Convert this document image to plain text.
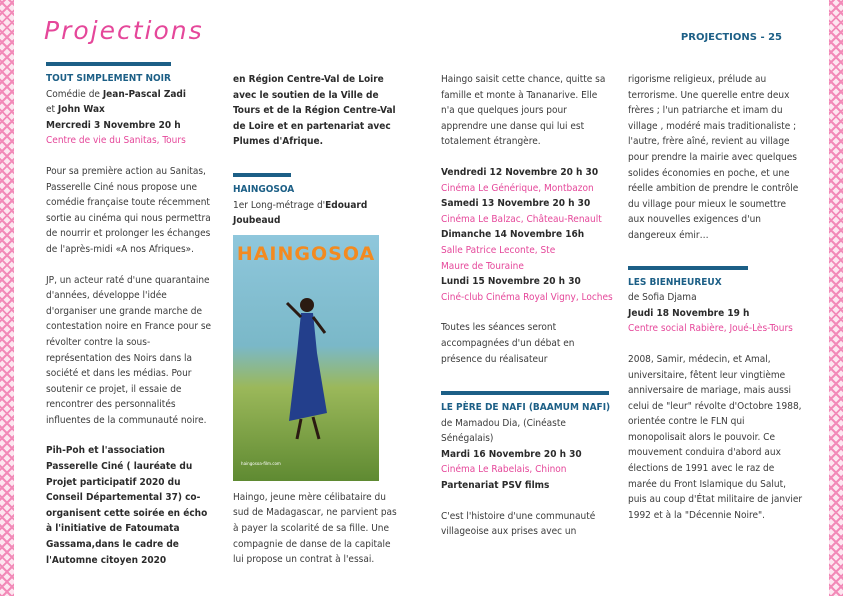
Projections	PROJECTIONS - 25

TOUT SIMPLEMENT NOIR

Comédie de Jean-Pascal Zadi

et John Wax

Mercredi 3 Novembre 20 h

Centre de vie du Sanitas, Tours

Pour sa première action au Sanitas, Passerelle Ciné nous propose une comédie française toute récemment sortie au cinéma qui nous permettra de nourrir et prolonger les échanges de l'après-midi «A nos Afriques».

JP, un acteur raté d'une quarantaine d'années, développe l'idée d'organiser une grande marche de contestation noire en France pour se révolter contre la sous-représentation des Noirs dans la société et dans les médias. Pour soutenir ce projet, il essaie de rencontrer des personnalités influentes de la communauté noire.

Pih-Poh et l'association Passerelle Ciné ( lauréate du Projet participatif 2020 du Conseil Départemental 37) co-organisent cette soirée en écho à l'initiative de Fatoumata Gassama,dans le cadre de l'Automne citoyen 2020

en Région Centre-Val de Loire avec le soutien de la Ville de Tours et de la Région Centre-Val de Loire et en partenariat avec Plumes d'Afrique.

HAINGOSOA

1er Long-métrage d'Edouard Joubeaud

HAINGOSOA
haingosoa-film.com

Haingo, jeune mère célibataire du sud de Madagascar, ne parvient pas à payer la scolarité de sa fille. Une compagnie de danse de la capitale lui propose un contrat à l'essai.

Haingo saisit cette chance, quitte sa famille et monte à Tananarive. Elle n'a que quelques jours pour apprendre une danse qui lui est totalement étrangère.

Vendredi 12 Novembre 20 h 30

Cinéma Le Générique, Montbazon

Samedi 13 Novembre 20 h 30

Cinéma Le Balzac, Château-Renault

Dimanche 14 Novembre 16h

Salle Patrice Leconte, Ste Maure de Touraine

Lundi 15 Novembre 20 h 30

Ciné-club Cinéma Royal Vigny, Loches

Toutes les séances seront accompagnées d'un débat en présence du réalisateur

LE PÈRE DE NAFI (BAAMUM NAFI)

de Mamadou Dia, (Cinéaste Sénégalais)

Mardi 16 Novembre 20 h 30

Cinéma Le Rabelais, Chinon

Partenariat PSV films

C'est l'histoire d'une communauté villageoise aux prises avec un

rigorisme religieux, prélude au terrorisme. Une querelle entre deux frères ; l'un patriarche et imam du village , modéré mais traditionaliste ; l'autre, frère aîné, revient au village pour prendre la mairie avec quelques solides économies en poche, et une réelle ambition de prendre le contrôle du village pour mieux le soumettre aux nouvelles exigences d'un dangereux émir…

LES BIENHEUREUX

de Sofia Djama

Jeudi 18 Novembre 19 h

Centre social Rabière, Joué-Lès-Tours

2008, Samir, médecin, et Amal, universitaire, fêtent leur vingtième anniversaire de mariage, mais aussi celui de "leur" révolte d'Octobre 1988, orientée contre le FLN qui monopolisait alors le pouvoir. Ce mouvement conduira d'abord aux élections de 1991 avec le raz de marée du Front Islamique du Salut, puis au coup d'État militaire de janvier 1992 et à la "Décennie Noire".
